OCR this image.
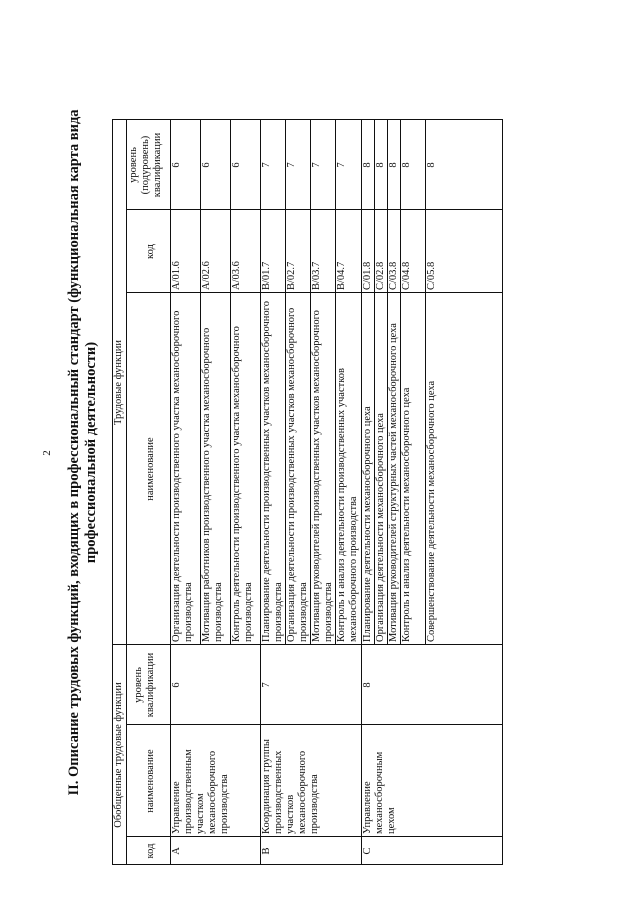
2 II. Описание трудовых функций, входящих в профессиональный стандарт (функциональная карта вида профессиональной деятельности)
Обобщенные трудовые функции
Трудовые функции
код
наименование
уровень квалификации
наименование
код
уровень (подуровень) квалификации
A
Управление производственным участком механосборочного производства
6
Организация деятельности производственного участка механосборочного производства
A/01.6
6
Мотивация работников производственного участка механосборочного производства
A/02.6
6
Контроль деятельности производственного участка механосборочного производства
A/03.6
6
B
Координация группы производственных участков механосборочного производства
7
Планирование деятельности производственных участков механосборочного производства
B/01.7
7
Организация деятельности производственных участков механосборочного производства
B/02.7
7
Мотивация руководителей производственных участков механосборочного производства
B/03.7
7
Контроль и анализ деятельности производственных участков механосборочного производства
B/04.7
7
C
Управление механосборочным цехом
8
Планирование деятельности механосборочного цеха
C/01.8
8
Организация деятельности механосборочного цеха
C/02.8
8
Мотивация руководителей структурных частей механосборочного цеха
C/03.8
8
Контроль и анализ деятельности механосборочного цеха
C/04.8
8
Совершенствование деятельности механосборочного цеха
C/05.8
8
